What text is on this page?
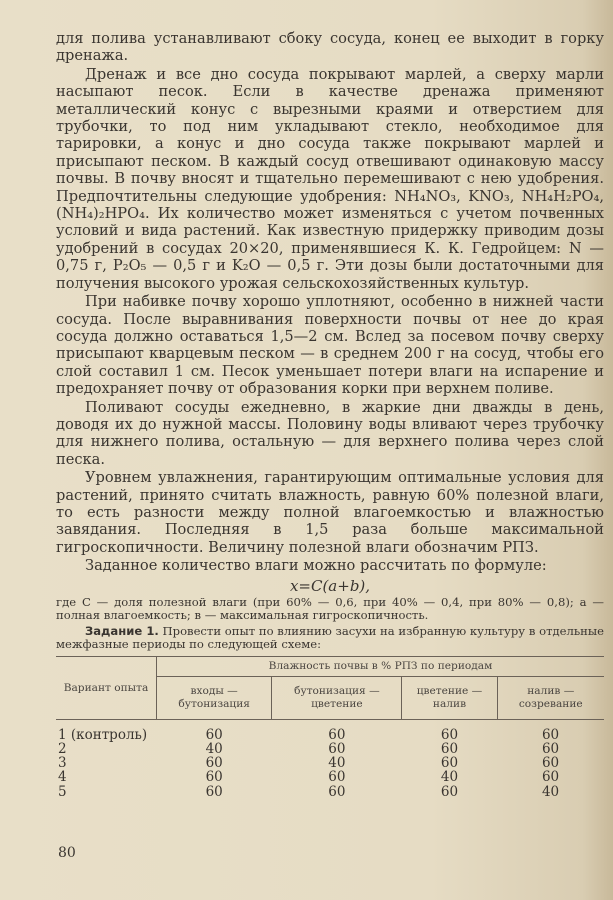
для полива устанавливают сбоку сосуда, конец ее выходит в горку дренажа.

Дренаж и все дно сосуда покрывают марлей, а сверху марли насыпают песок. Если в качестве дренажа применяют металлический конус с вырезными краями и отверстием для трубочки, то под ним укладывают стекло, необходимое для тарировки, а конус и дно сосуда также покрывают марлей и присыпают песком. В каждый сосуд отвешивают одинаковую массу почвы. В почву вносят и тщательно перемешивают с нею удобрения. Предпочтительны следующие удобрения: NH₄NO₃, KNO₃, NH₄H₂PO₄, (NH₄)₂HPO₄. Их количество может изменяться с учетом почвенных условий и вида растений. Как известную придержку приводим дозы удобрений в сосудах 20×20, применявшиеся К. К. Гедройцем: N — 0,75 г, P₂O₅ — 0,5 г и K₂O — 0,5 г. Эти дозы были достаточными для получения высокого урожая сельскохозяйственных культур.

При набивке почву хорошо уплотняют, особенно в нижней части сосуда. После выравнивания поверхности почвы от нее до края сосуда должно оставаться 1,5—2 см. Вслед за посевом почву сверху присыпают кварцевым песком — в среднем 200 г на сосуд, чтобы его слой составил 1 см. Песок уменьшает потери влаги на испарение и предохраняет почву от образования корки при верхнем поливе.

Поливают сосуды ежедневно, в жаркие дни дважды в день, доводя их до нужной массы. Половину воды вливают через трубочку для нижнего полива, остальную — для верхнего полива через слой песка.

Уровнем увлажнения, гарантирующим оптимальные условия для растений, принято считать влажность, равную 60% полезной влаги, то есть разности между полной влагоемкостью и влажностью завядания. Последняя в 1,5 раза больше максимальной гигроскопичности. Величину полезной влаги обозначим РПЗ.

Заданное количество влаги можно рассчитать по формуле:

x=C(a+b),

где C — доля полезной влаги (при 60% — 0,6, при 40% — 0,4, при 80% — 0,8); a — полная влагоемкость; в — максимальная гигроскопичность.

Задание 1. Провести опыт по влиянию засухи на избранную культуру в отдельные межфазные периоды по следующей схеме:

Вариант опыта	Влажность почвы в % РПЗ по периодам			
	входы — бутонизация	бутонизация — цветение	цветение — налив	налив — созревание
1 (контроль)	60	60	60	60
2	40	60	60	60
3	60	40	60	60
4	60	60	40	60
5	60	60	60	40
80
